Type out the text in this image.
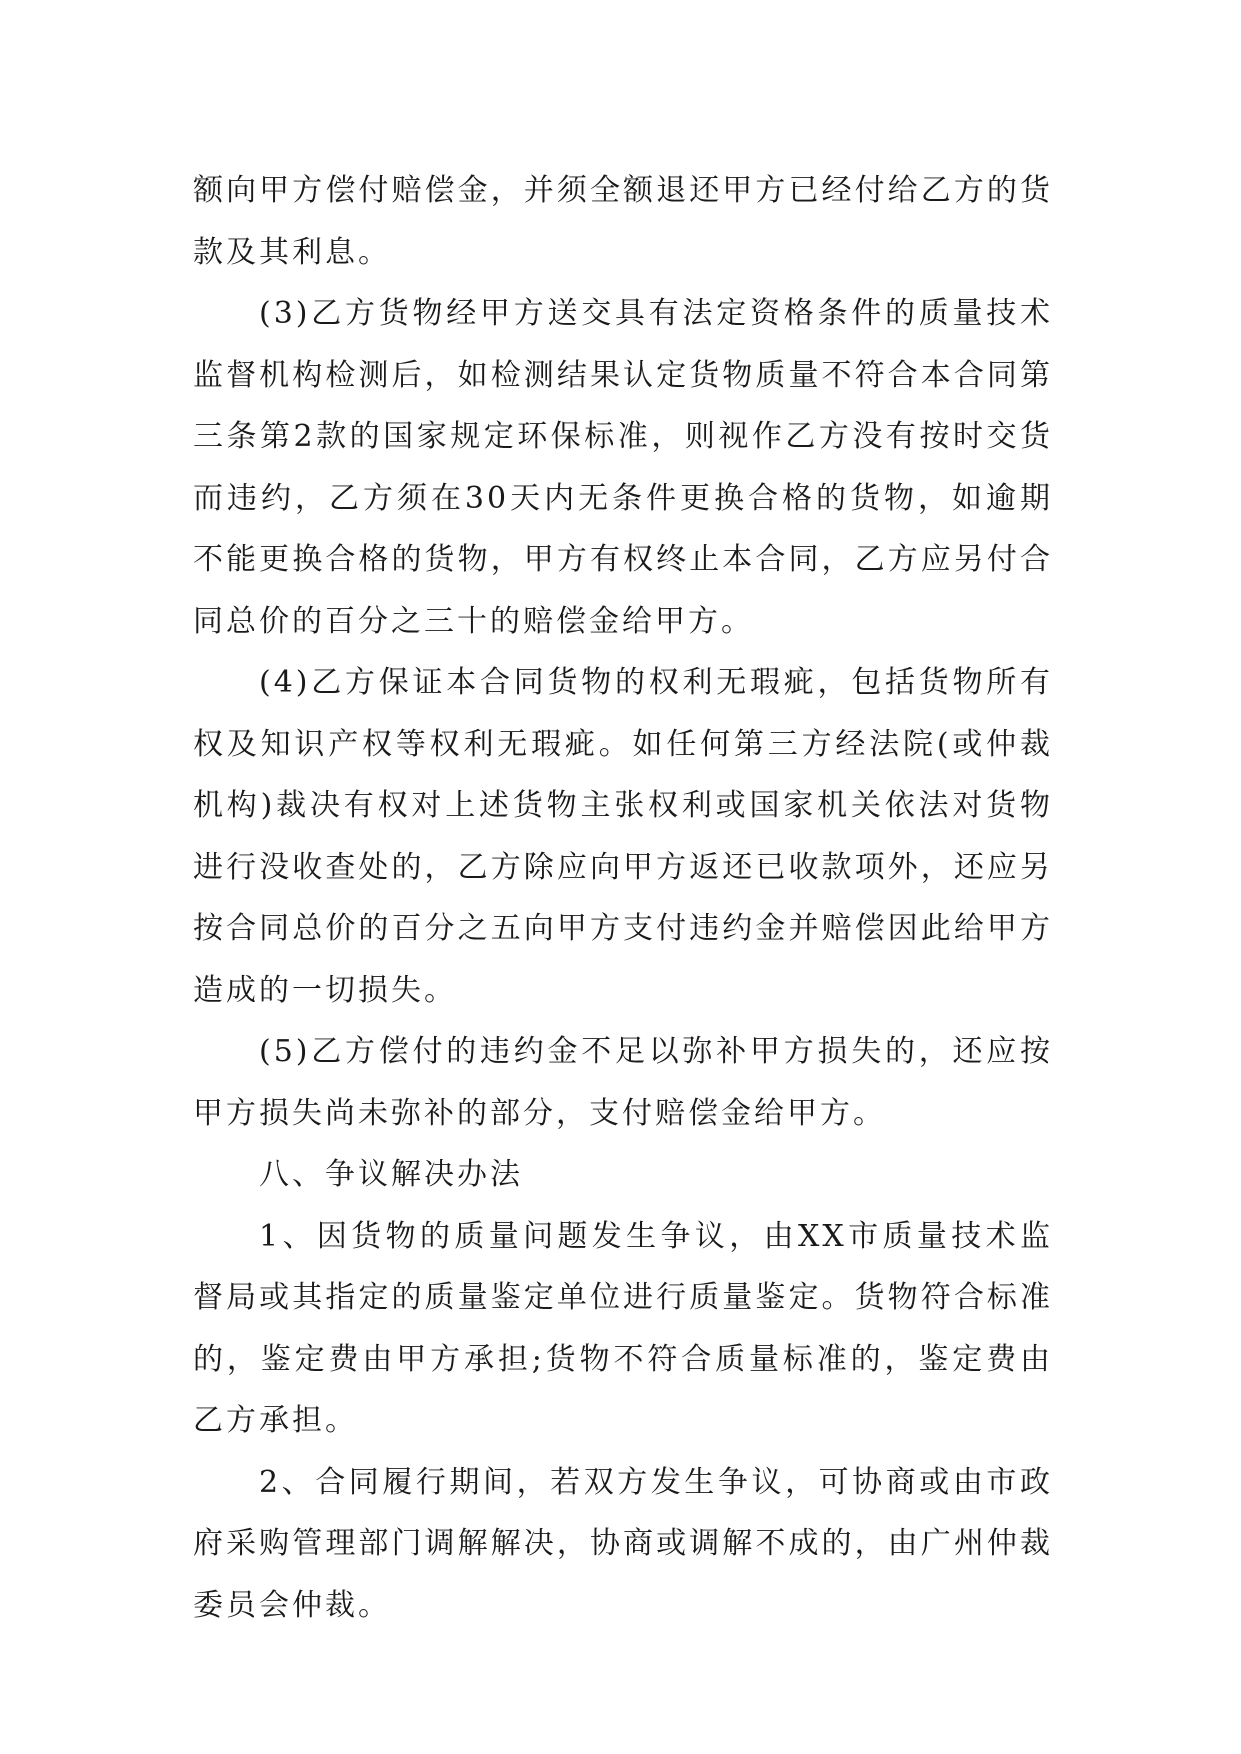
额向甲方偿付赔偿金，并须全额退还甲方已经付给乙方的货款及其利息。

(3)乙方货物经甲方送交具有法定资格条件的质量技术监督机构检测后，如检测结果认定货物质量不符合本合同第三条第2款的国家规定环保标准，则视作乙方没有按时交货而违约，乙方须在30天内无条件更换合格的货物，如逾期不能更换合格的货物，甲方有权终止本合同，乙方应另付合同总价的百分之三十的赔偿金给甲方。

(4)乙方保证本合同货物的权利无瑕疵，包括货物所有权及知识产权等权利无瑕疵。如任何第三方经法院(或仲裁机构)裁决有权对上述货物主张权利或国家机关依法对货物进行没收查处的，乙方除应向甲方返还已收款项外，还应另按合同总价的百分之五向甲方支付违约金并赔偿因此给甲方造成的一切损失。

(5)乙方偿付的违约金不足以弥补甲方损失的，还应按甲方损失尚未弥补的部分，支付赔偿金给甲方。

八、争议解决办法

1、因货物的质量问题发生争议，由XX市质量技术监督局或其指定的质量鉴定单位进行质量鉴定。货物符合标准的，鉴定费由甲方承担;货物不符合质量标准的，鉴定费由乙方承担。

2、合同履行期间，若双方发生争议，可协商或由市政府采购管理部门调解解决，协商或调解不成的，由广州仲裁委员会仲裁。
